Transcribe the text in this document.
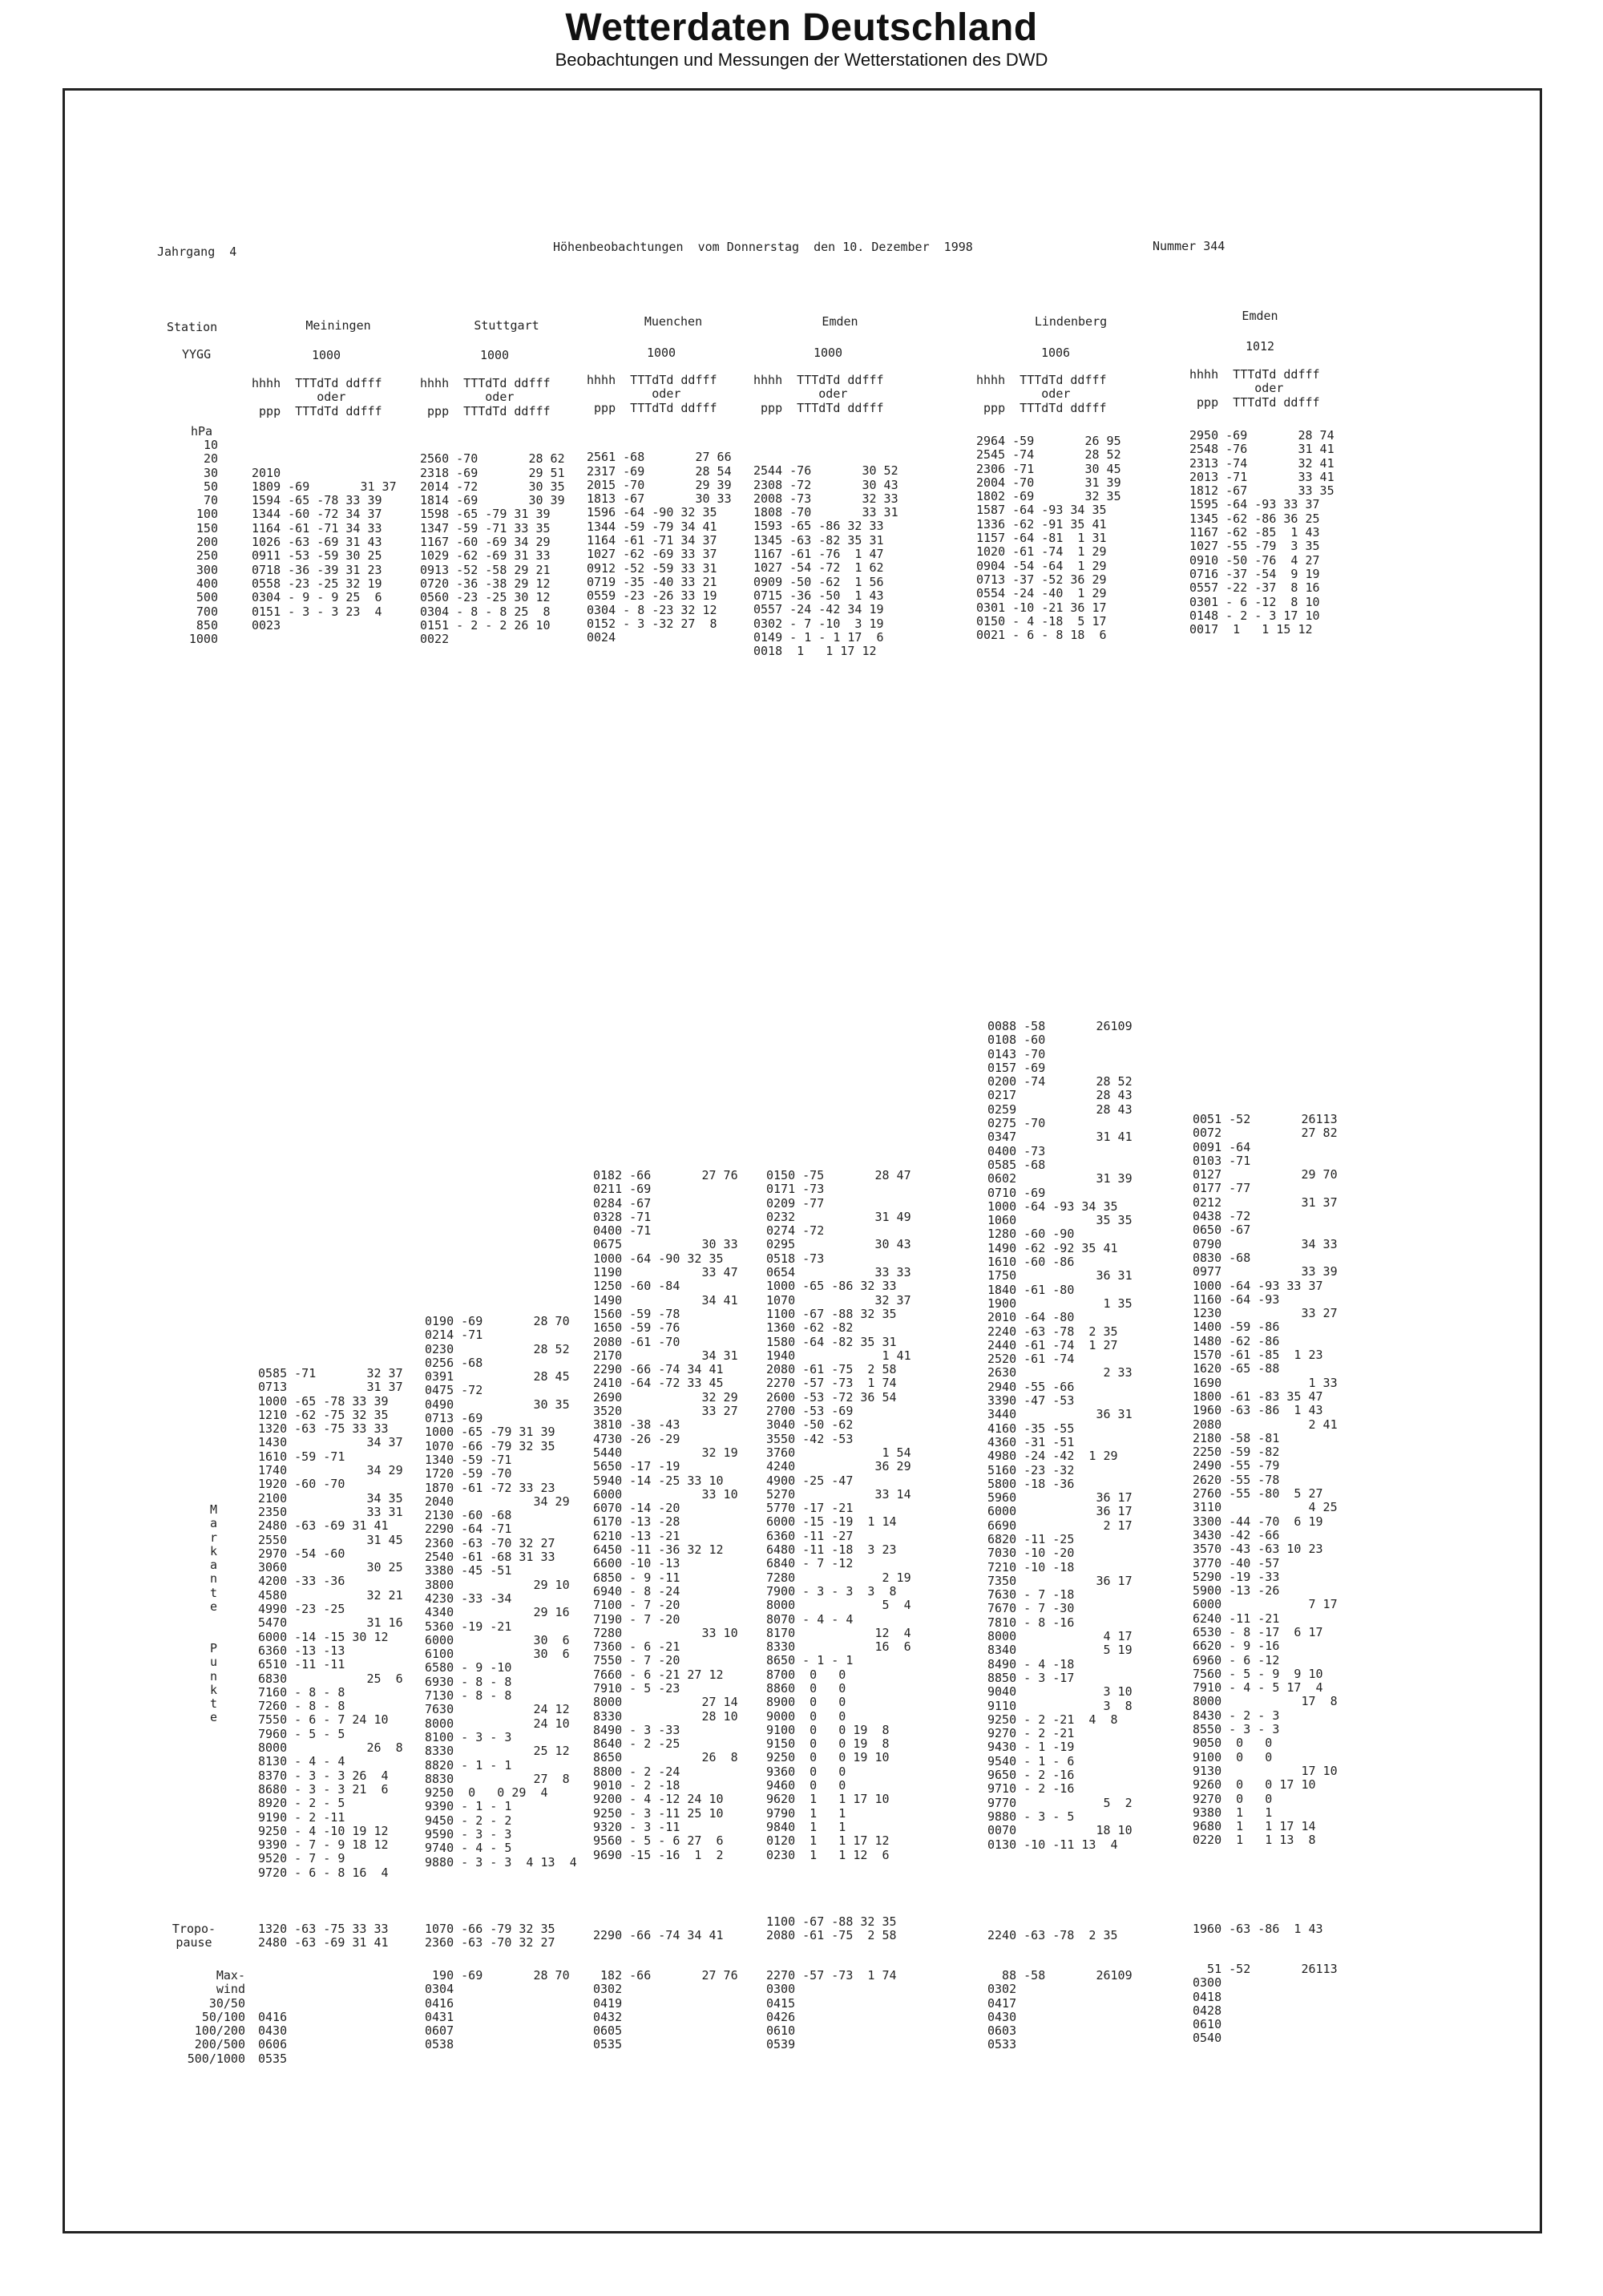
Wetterdaten Deutschland
Beobachtungen und Messungen der Wetterstationen des DWD
Jahrgang  4	Höhenbeobachtungen  vom Donnerstag  den 10. Dezember  1998	Nummer 344
Station
YYGG
hPa
10
20
30
50
70
100
150
200
250
300
400
500
700
850
1000
M
a
r
k
a
n
t
e

P
u
n
k
t
e
Tropo-
pause
Max-
wind
30/50
50/100
100/200
200/500
500/1000
Meiningen
1000
hhhh  TTTdTd ddfff
oder
ppp  TTTdTd ddfff

2010
1809 -69       31 37
1594 -65 -78 33 39
1344 -60 -72 34 37
1164 -61 -71 34 33
1026 -63 -69 31 43
0911 -53 -59 30 25
0718 -36 -39 31 23
0558 -23 -25 32 19
0304 - 9 - 9 25  6
0151 - 3 - 3 23  4
0023
0585 -71       32 37
0713           31 37
1000 -65 -78 33 39
1210 -62 -75 32 35
1320 -63 -75 33 33
1430           34 37
1610 -59 -71
1740           34 29
1920 -60 -70
2100           34 35
2350           33 31
2480 -63 -69 31 41
2550           31 45
2970 -54 -60
3060           30 25
4200 -33 -36
4580           32 21
4990 -23 -25
5470           31 16
6000 -14 -15 30 12
6360 -13 -13
6510 -11 -11
6830           25  6
7160 - 8 - 8
7260 - 8 - 8
7550 - 6 - 7 24 10
7960 - 5 - 5
8000           26  8
8130 - 4 - 4
8370 - 3 - 3 26  4
8680 - 3 - 3 21  6
8920 - 2 - 5
9190 - 2 -11
9250 - 4 -10 19 12
9390 - 7 - 9 18 12
9520 - 7 - 9
9720 - 6 - 8 16  4
1320 -63 -75 33 33
2480 -63 -69 31 41

0416
0430
0606
0535
Stuttgart
1000
hhhh  TTTdTd ddfff
oder
ppp  TTTdTd ddfff

2560 -70       28 62
2318 -69       29 51
2014 -72       30 35
1814 -69       30 39
1598 -65 -79 31 39
1347 -59 -71 33 35
1167 -60 -69 34 29
1029 -62 -69 31 33
0913 -52 -58 29 21
0720 -36 -38 29 12
0560 -23 -25 30 12
0304 - 8 - 8 25  8
0151 - 2 - 2 26 10
0022
0190 -69       28 70
0214 -71
0230           28 52
0256 -68
0391           28 45
0475 -72
0490           30 35
0713 -69
1000 -65 -79 31 39
1070 -66 -79 32 35
1340 -59 -71
1720 -59 -70
1870 -61 -72 33 23
2040           34 29
2130 -60 -68
2290 -64 -71
2360 -63 -70 32 27
2540 -61 -68 31 33
3380 -45 -51
3800           29 10
4230 -33 -34
4340           29 16
5360 -19 -21
6000           30  6
6100           30  6
6580 - 9 -10
6930 - 8 - 8
7130 - 8 - 8
7630           24 12
8000           24 10
8100 - 3 - 3
8330           25 12
8820 - 1 - 1
8830           27  8
9250  0   0 29  4
9390 - 1 - 1
9450 - 2 - 2
9590 - 3 - 3
9740 - 4 - 5
9880 - 3 - 3  4 13  4
1070 -66 -79 32 35
2360 -63 -70 32 27
190 -69       28 70
0304
0416
0431
0607
0538
Muenchen
1000
hhhh  TTTdTd ddfff
oder
ppp  TTTdTd ddfff

2561 -68       27 66
2317 -69       28 54
2015 -70       29 39
1813 -67       30 33
1596 -64 -90 32 35
1344 -59 -79 34 41
1164 -61 -71 34 37
1027 -62 -69 33 37
0912 -52 -59 33 31
0719 -35 -40 33 21
0559 -23 -26 33 19
0304 - 8 -23 32 12
0152 - 3 -32 27  8
0024
0182 -66       27 76
0211 -69
0284 -67
0328 -71
0400 -71
0675           30 33
1000 -64 -90 32 35
1190           33 47
1250 -60 -84
1490           34 41
1560 -59 -78
1650 -59 -76
2080 -61 -70
2170           34 31
2290 -66 -74 34 41
2410 -64 -72 33 45
2690           32 29
3520           33 27
3810 -38 -43
4730 -26 -29
5440           32 19
5650 -17 -19
5940 -14 -25 33 10
6000           33 10
6070 -14 -20
6170 -13 -28
6210 -13 -21
6450 -11 -36 32 12
6600 -10 -13
6850 - 9 -11
6940 - 8 -24
7100 - 7 -20
7190 - 7 -20
7280           33 10
7360 - 6 -21
7550 - 7 -20
7660 - 6 -21 27 12
7910 - 5 -23
8000           27 14
8330           28 10
8490 - 3 -33
8640 - 2 -25
8650           26  8
8800 - 2 -24
9010 - 2 -18
9200 - 4 -12 24 10
9250 - 3 -11 25 10
9320 - 3 -11
9560 - 5 - 6 27  6
9690 -15 -16  1  2
2290 -66 -74 34 41
182 -66       27 76
0302
0419
0432
0605
0535
Emden
1000
hhhh  TTTdTd ddfff
oder
ppp  TTTdTd ddfff

2544 -76       30 52
2308 -72       30 43
2008 -73       32 33
1808 -70       33 31
1593 -65 -86 32 33
1345 -63 -82 35 31
1167 -61 -76  1 47
1027 -54 -72  1 62
0909 -50 -62  1 56
0715 -36 -50  1 43
0557 -24 -42 34 19
0302 - 7 -10  3 19
0149 - 1 - 1 17  6
0018  1   1 17 12
0150 -75       28 47
0171 -73
0209 -77
0232           31 49
0274 -72
0295           30 43
0518 -73
0654           33 33
1000 -65 -86 32 33
1070           32 37
1100 -67 -88 32 35
1360 -62 -82
1580 -64 -82 35 31
1940            1 41
2080 -61 -75  2 58
2270 -57 -73  1 74
2600 -53 -72 36 54
2700 -53 -69
3040 -50 -62
3550 -42 -53
3760            1 54
4240           36 29
4900 -25 -47
5270           33 14
5770 -17 -21
6000 -15 -19  1 14
6360 -11 -27
6480 -11 -18  3 23
6840 - 7 -12
7280            2 19
7900 - 3 - 3  3  8
8000            5  4
8070 - 4 - 4
8170           12  4
8330           16  6
8650 - 1 - 1
8700  0   0
8860  0   0
8900  0   0
9000  0   0
9100  0   0 19  8
9150  0   0 19  8
9250  0   0 19 10
9360  0   0
9460  0   0
9620  1   1 17 10
9790  1   1
9840  1   1
0120  1   1 17 12
0230  1   1 12  6
1100 -67 -88 32 35
2080 -61 -75  2 58
2270 -57 -73  1 74
0300
0415
0426
0610
0539
Lindenberg
1006
hhhh  TTTdTd ddfff
oder
ppp  TTTdTd ddfff
2964 -59       26 95
2545 -74       28 52
2306 -71       30 45
2004 -70       31 39
1802 -69       32 35
1587 -64 -93 34 35
1336 -62 -91 35 41
1157 -64 -81  1 31
1020 -61 -74  1 29
0904 -54 -64  1 29
0713 -37 -52 36 29
0554 -24 -40  1 29
0301 -10 -21 36 17
0150 - 4 -18  5 17
0021 - 6 - 8 18  6
0088 -58       26109
0108 -60
0143 -70
0157 -69
0200 -74       28 52
0217           28 43
0259           28 43
0275 -70
0347           31 41
0400 -73
0585 -68
0602           31 39
0710 -69
1000 -64 -93 34 35
1060           35 35
1280 -60 -90
1490 -62 -92 35 41
1610 -60 -86
1750           36 31
1840 -61 -80
1900            1 35
2010 -64 -80
2240 -63 -78  2 35
2440 -61 -74  1 27
2520 -61 -74
2630            2 33
2940 -55 -66
3390 -47 -53
3440           36 31
4160 -35 -55
4360 -31 -51
4980 -24 -42  1 29
5160 -23 -32
5800 -18 -36
5960           36 17
6000           36 17
6690            2 17
6820 -11 -25
7030 -10 -20
7210 -10 -18
7350           36 17
7630 - 7 -18
7670 - 7 -30
7810 - 8 -16
8000            4 17
8340            5 19
8490 - 4 -18
8850 - 3 -17
9040            3 10
9110            3  8
9250 - 2 -21  4  8
9270 - 2 -21
9430 - 1 -19
9540 - 1 - 6
9650 - 2 -16
9710 - 2 -16
9770            5  2
9880 - 3 - 5
0070           18 10
0130 -10 -11 13  4
2240 -63 -78  2 35
88 -58       26109
0302
0417
0430
0603
0533
Emden
1012
hhhh  TTTdTd ddfff
oder
ppp  TTTdTd ddfff
2950 -69       28 74
2548 -76       31 41
2313 -74       32 41
2013 -71       33 41
1812 -67       33 35
1595 -64 -93 33 37
1345 -62 -86 36 25
1167 -62 -85  1 43
1027 -55 -79  3 35
0910 -50 -76  4 27
0716 -37 -54  9 19
0557 -22 -37  8 16
0301 - 6 -12  8 10
0148 - 2 - 3 17 10
0017  1   1 15 12
0051 -52       26113
0072           27 82
0091 -64
0103 -71
0127           29 70
0177 -77
0212           31 37
0438 -72
0650 -67
0790           34 33
0830 -68
0977           33 39
1000 -64 -93 33 37
1160 -64 -93
1230           33 27
1400 -59 -86
1480 -62 -86
1570 -61 -85  1 23
1620 -65 -88
1690            1 33
1800 -61 -83 35 47
1960 -63 -86  1 43
2080            2 41
2180 -58 -81
2250 -59 -82
2490 -55 -79
2620 -55 -78
2760 -55 -80  5 27
3110            4 25
3300 -44 -70  6 19
3430 -42 -66
3570 -43 -63 10 23
3770 -40 -57
5290 -19 -33
5900 -13 -26
6000            7 17
6240 -11 -21
6530 - 8 -17  6 17
6620 - 9 -16
6960 - 6 -12
7560 - 5 - 9  9 10
7910 - 4 - 5 17  4
8000           17  8
8430 - 2 - 3
8550 - 3 - 3
9050  0   0
9100  0   0
9130           17 10
9260  0   0 17 10
9270  0   0
9380  1   1
9680  1   1 17 14
0220  1   1 13  8
1960 -63 -86  1 43
51 -52       26113
0300
0418
0428
0610
0540
